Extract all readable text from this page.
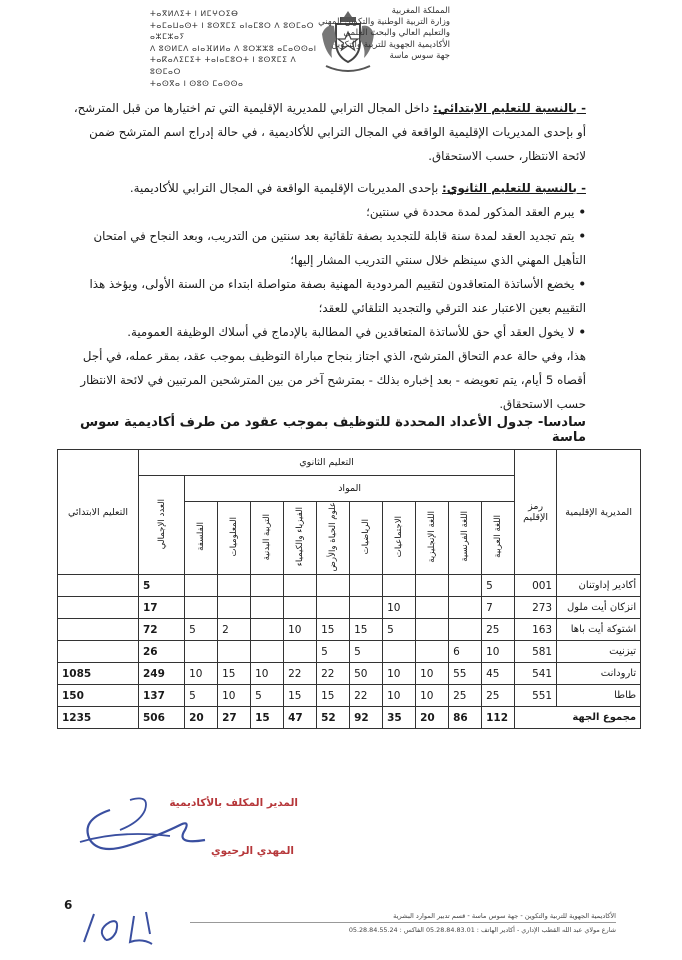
ⵜⴰⴳⵍⴷⵉⵜ ⵏ ⵍⵎⵖⵔⵉⴱ
ⵜⴰⵎⴰⵡⴰⵙⵜ ⵏ ⵓⵙⴳⵎⵉ ⴰⵏⴰⵎⵓⵔ ⴷ ⵓⵙⵎⴰⵔ ⴰⵣⵎⵣⴰⵢ
ⴷ ⵓⵙⵍⵎⴷ ⴰⵏⴰⴼⵍⵍⴰ ⴷ ⵓⵔⵣⵣⵓ ⴰⵎⴰⵙⵙⴰⵏ
ⵜⴰⴽⴰⴷⵉⵎⵉⵜ ⵜⴰⵏⴰⵎⵓⵔⵜ ⵏ ⵓⵙⴳⵎⵉ ⴷ ⵓⵙⵎⴰⵔ
ⵜⴰⵙⴳⴰ ⵏ ⵙⵓⵙ ⵎⴰⵙⵙⴰ
المملكة المغربية
وزارة التربية الوطنية والتكوين المهني
والتعليم العالي والبحث العلمي
الأكاديمية الجهوية للتربية والتكوين
جهة سوس ماسة
- بالنسبة للتعليم الابتدائي: داخل المجال الترابي للمديرية الإقليمية التي تم اختيارها من قبل المترشح، أو بإحدى المديريات الإقليمية الواقعة في المجال الترابي للأكاديمية ، في حالة إدراج اسم المترشح ضمن لائحة الانتظار، حسب الاستحقاق.
- بالنسبة للتعليم الثانوي: بإحدى المديريات الإقليمية الواقعة في المجال الترابي للأكاديمية.
•يبرم العقد المذكور لمدة محددة في سنتين؛
•يتم تجديد العقد لمدة سنة قابلة للتجديد بصفة تلقائية بعد سنتين من التدريب، وبعد النجاح في امتحان التأهيل المهني الذي سينظم خلال سنتي التدريب المشار إليها؛
•يخضع الأساتذة المتعاقدون لتقييم المردودية المهنية بصفة متواصلة ابتداء من السنة الأولى، ويؤخذ هذا التقييم بعين الاعتبار عند الترقي والتجديد التلقائي للعقد؛
•لا يخول العقد أي حق للأساتذة المتعاقدين في المطالبة بالإدماج في أسلاك الوظيفة العمومية.
هذا، وفي حالة عدم التحاق المترشح، الذي اجتاز بنجاح مباراة التوظيف بموجب عقد، بمقر عمله، في أجل أقصاه 5 أيام، يتم تعويضه - بعد إخباره بذلك - بمترشح آخر من بين المترشحين المرتبين في لائحة الانتظار حسب الاستحقاق.
سادسا- جدول الأعداد المحددة للتوظيف بموجب عقود من طرف أكاديمية سوس ماسة
المديرية الإقليمية	رمز الإقليم	التعليم الثانوي											التعليم الابتدائي
		المواد										العدد الإجمالي	
		اللغة العربية	اللغة الفرنسية	اللغة الإنجليزية	الاجتماعيات	الرياضيات	علوم الحياة والأرض	الفيزياء والكيمياء	التربية البدنية	المعلوميات	الفلسفة		
أكادير إداوتنان	001	5										5	
انزكان أيت ملول	273	7			10							17	
اشتوكة أيت باها	163	25			5	15	15	10		2	5	72	
تيزنيت	581	10	6			5	5					26	
تارودانت	541	45	55	10	10	50	22	22	10	15	10	249	1085
طاطا	551	25	25	10	10	22	15	15	5	10	5	137	150
مجموع الجهة		112	86	20	35	92	52	47	15	27	20	506	1235
المدير المكلف بالأكاديمية
المهدي الرحيوي
6
الأكاديمية الجهوية للتربية والتكوين - جهة سوس ماسة - قسم تدبير الموارد البشرية
شارع مولاي عبد الله القطب الإداري - أكادير الهاتف : 05.28.84.83.01 الفاكس : 05.28.84.55.24
